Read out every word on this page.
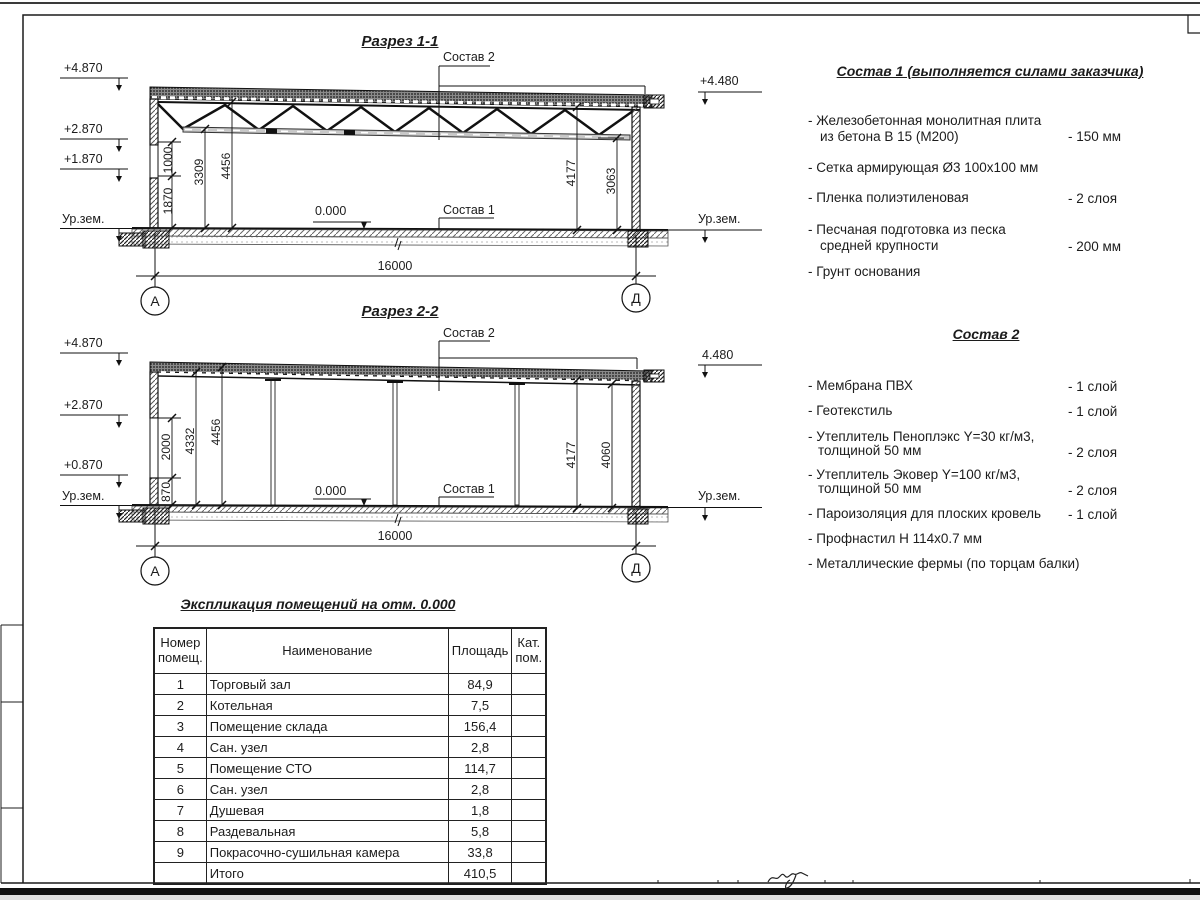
Разрез 1-1
+4.870
+2.870
+1.870
Ур.зем.
+4.480
Ур.зем.
Состав 2
Состав 1
0.000
1000
1870
3309 4456	4177 3063
16000
А	Д
Разрез 2-2
+4.870
+2.870
+0.870
Ур.зем.
4.480
Ур.зем.
Состав 2
Состав 1
0.000
2000
870
4332 4456
4177 4060
16000
А	Д
Состав 1 (выполняется силами заказчика)
- Железобетонная монолитная плита
из бетона В 15 (М200)	- 150 мм
- Сетка армирующая Ø3 100х100 мм
- Пленка полиэтиленовая	- 2 слоя
- Песчаная подготовка из песка
средней крупности	- 200 мм
- Грунт основания
Состав 2
- Мембрана ПВХ	- 1 слой
- Геотекстиль	- 1 слой
- Утеплитель Пеноплэкс Y=30 кг/м3,
толщиной 50 мм	- 2 слоя
- Утеплитель Эковер Y=100 кг/м3,
толщиной 50 мм	- 2 слоя
- Пароизоляция для плоских кровель - 1 слой
- Профнастил Н 114х0.7 мм
- Металлические фермы (по торцам балки)
Экспликация помещений на отм. 0.000
Номер
помещ.	Наименование	Площадь	Кат.
пом.
1	Торговый зал	84,9	
2	Котельная	7,5	
3	Помещение склада	156,4	
4	Сан. узел	2,8	
5	Помещение СТО	114,7	
6	Сан. узел	2,8	
7	Душевая	1,8	
8	Раздевальная	5,8	
9	Покрасочно-сушильная камера	33,8	
	Итого	410,5	
